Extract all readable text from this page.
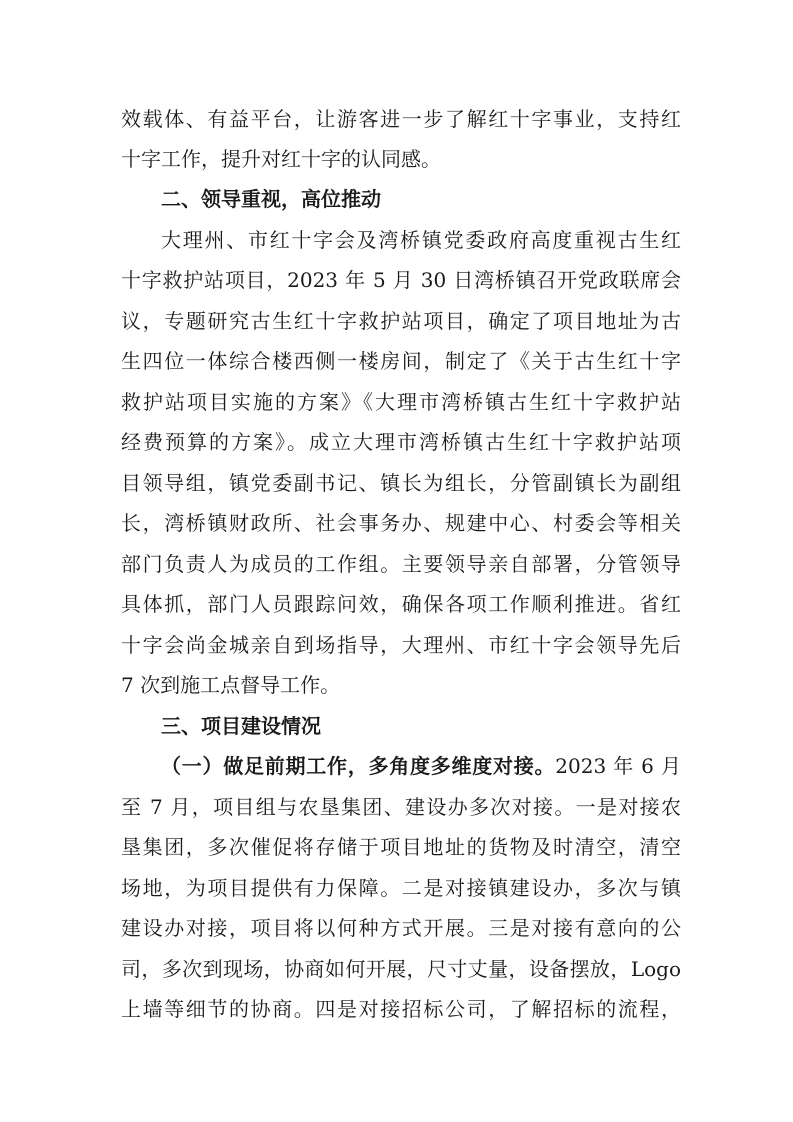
效载体、有益平台，让游客进一步了解红十字事业，支持红
十字工作，提升对红十字的认同感。
二、领导重视，高位推动
大理州、市红十字会及湾桥镇党委政府高度重视古生红
十字救护站项目，2023 年 5 月 30 日湾桥镇召开党政联席会
议，专题研究古生红十字救护站项目，确定了项目地址为古
生四位一体综合楼西侧一楼房间，制定了《关于古生红十字
救护站项目实施的方案》《大理市湾桥镇古生红十字救护站
经费预算的方案》。成立大理市湾桥镇古生红十字救护站项
目领导组，镇党委副书记、镇长为组长，分管副镇长为副组
长，湾桥镇财政所、社会事务办、规建中心、村委会等相关
部门负责人为成员的工作组。主要领导亲自部署，分管领导
具体抓，部门人员跟踪问效，确保各项工作顺利推进。省红
十字会尚金城亲自到场指导，大理州、市红十字会领导先后
7 次到施工点督导工作。
三、项目建设情况
（一）做足前期工作，多角度多维度对接。2023 年 6 月
至 7 月，项目组与农垦集团、建设办多次对接。一是对接农
垦集团，多次催促将存储于项目地址的货物及时清空，清空
场地，为项目提供有力保障。二是对接镇建设办，多次与镇
建设办对接，项目将以何种方式开展。三是对接有意向的公
司，多次到现场，协商如何开展，尺寸丈量，设备摆放，Logo
上墙等细节的协商。四是对接招标公司，了解招标的流程，
